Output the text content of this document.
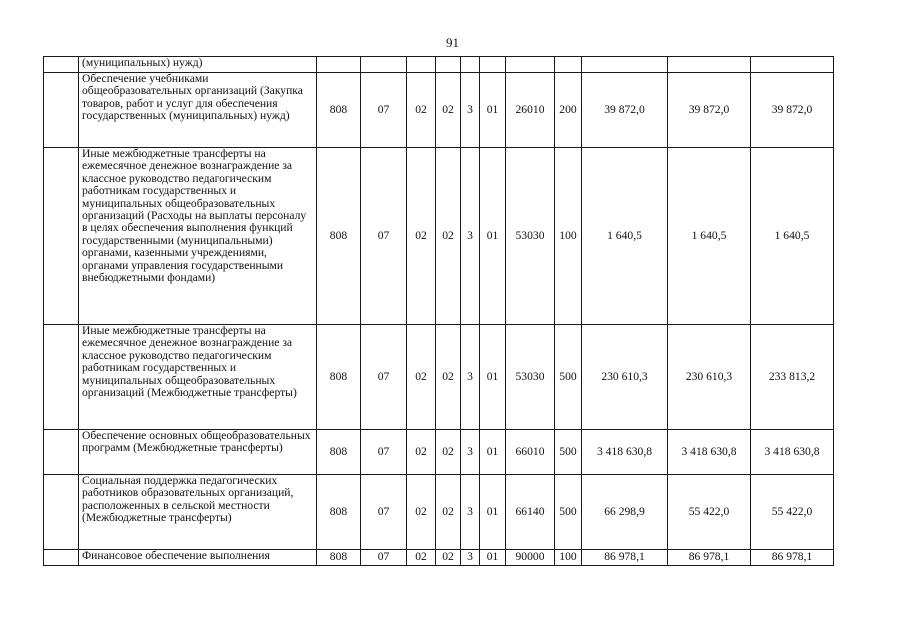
91
	(муниципальных) нужд)											
	Обеспечение учебниками общеобразовательных организаций (Закупка товаров, работ и услуг для обеспечения государственных (муниципальных) нужд)	808	07	02	02	3	01	26010	200	39 872,0	39 872,0	39 872,0
	Иные межбюджетные трансферты на ежемесячное денежное вознаграждение за классное руководство педагогическим работникам государственных и муниципальных общеобразовательных организаций (Расходы на выплаты персоналу в целях обеспечения выполнения функций государственными (муниципальными) органами, казенными учреждениями, органами управления государственными внебюджетными фондами)	808	07	02	02	3	01	53030	100	1 640,5	1 640,5	1 640,5
	Иные межбюджетные трансферты на ежемесячное денежное вознаграждение за классное руководство педагогическим работникам государственных и муниципальных общеобразовательных организаций (Межбюджетные трансферты)	808	07	02	02	3	01	53030	500	230 610,3	230 610,3	233 813,2
	Обеспечение основных общеобразовательных программ (Межбюджетные трансферты)	808	07	02	02	3	01	66010	500	3 418 630,8	3 418 630,8	3 418 630,8
	Социальная поддержка педагогических работников образовательных организаций, расположенных в сельской местности (Межбюджетные трансферты)	808	07	02	02	3	01	66140	500	66 298,9	55 422,0	55 422,0
	Финансовое обеспечение выполнения	808	07	02	02	3	01	90000	100	86 978,1	86 978,1	86 978,1
